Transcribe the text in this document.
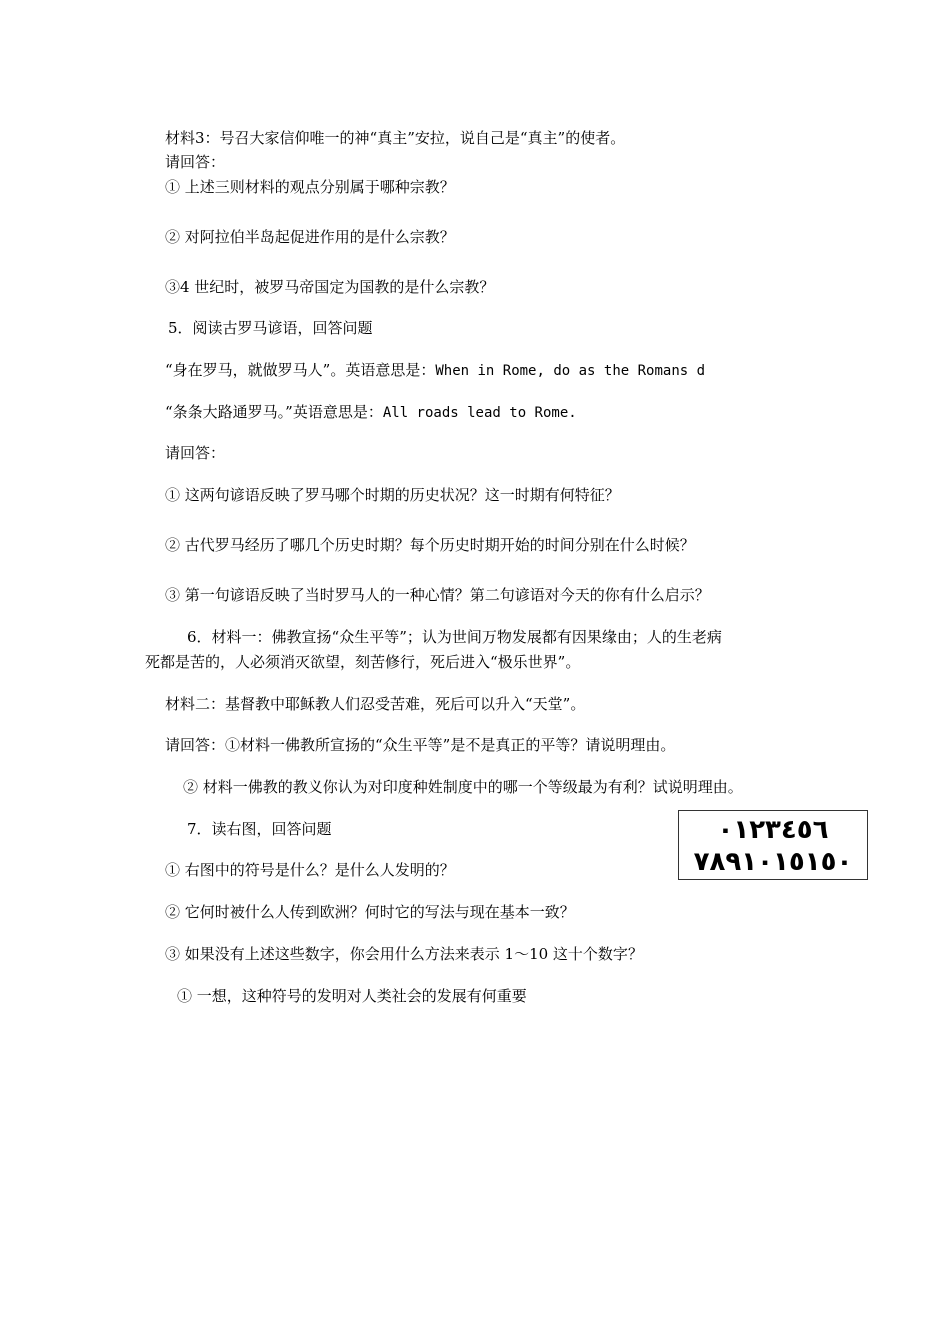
材料3：号召大家信仰唯一的神“真主”安拉，说自己是“真主”的使者。
请回答：
① 上述三则材料的观点分别属于哪种宗教？
② 对阿拉伯半岛起促进作用的是什么宗教？
③4 世纪时，被罗马帝国定为国教的是什么宗教？
5．阅读古罗马谚语，回答问题
“身在罗马，就做罗马人”。英语意思是：When in Rome, do as the Romans d
“条条大路通罗马。”英语意思是：All roads lead to Rome.
请回答：
① 这两句谚语反映了罗马哪个时期的历史状况？这一时期有何特征？
② 古代罗马经历了哪几个历史时期？每个历史时期开始的时间分别在什么时候？
③ 第一句谚语反映了当时罗马人的一种心情？第二句谚语对今天的你有什么启示？
6．材料一：佛教宣扬“众生平等”；认为世间万物发展都有因果缘由；人的生老病
死都是苦的，人必须消灭欲望，刻苦修行，死后进入“极乐世界”。
材料二：基督教中耶稣教人们忍受苦难，死后可以升入“天堂”。
请回答：①材料一佛教所宣扬的“众生平等”是不是真正的平等？请说明理由。
② 材料一佛教的教义你认为对印度种姓制度中的哪一个等级最为有利？试说明理由。
7．读右图，回答问题
① 右图中的符号是什么？是什么人发明的？
② 它何时被什么人传到欧洲？何时它的写法与现在基本一致？
③ 如果没有上述这些数字，你会用什么方法来表示 1～10 这十个数字？
① 一想，这种符号的发明对人类社会的发展有何重要
٠١٢٣٤٥٦
٧٨٩١٠١٥١٥٠
